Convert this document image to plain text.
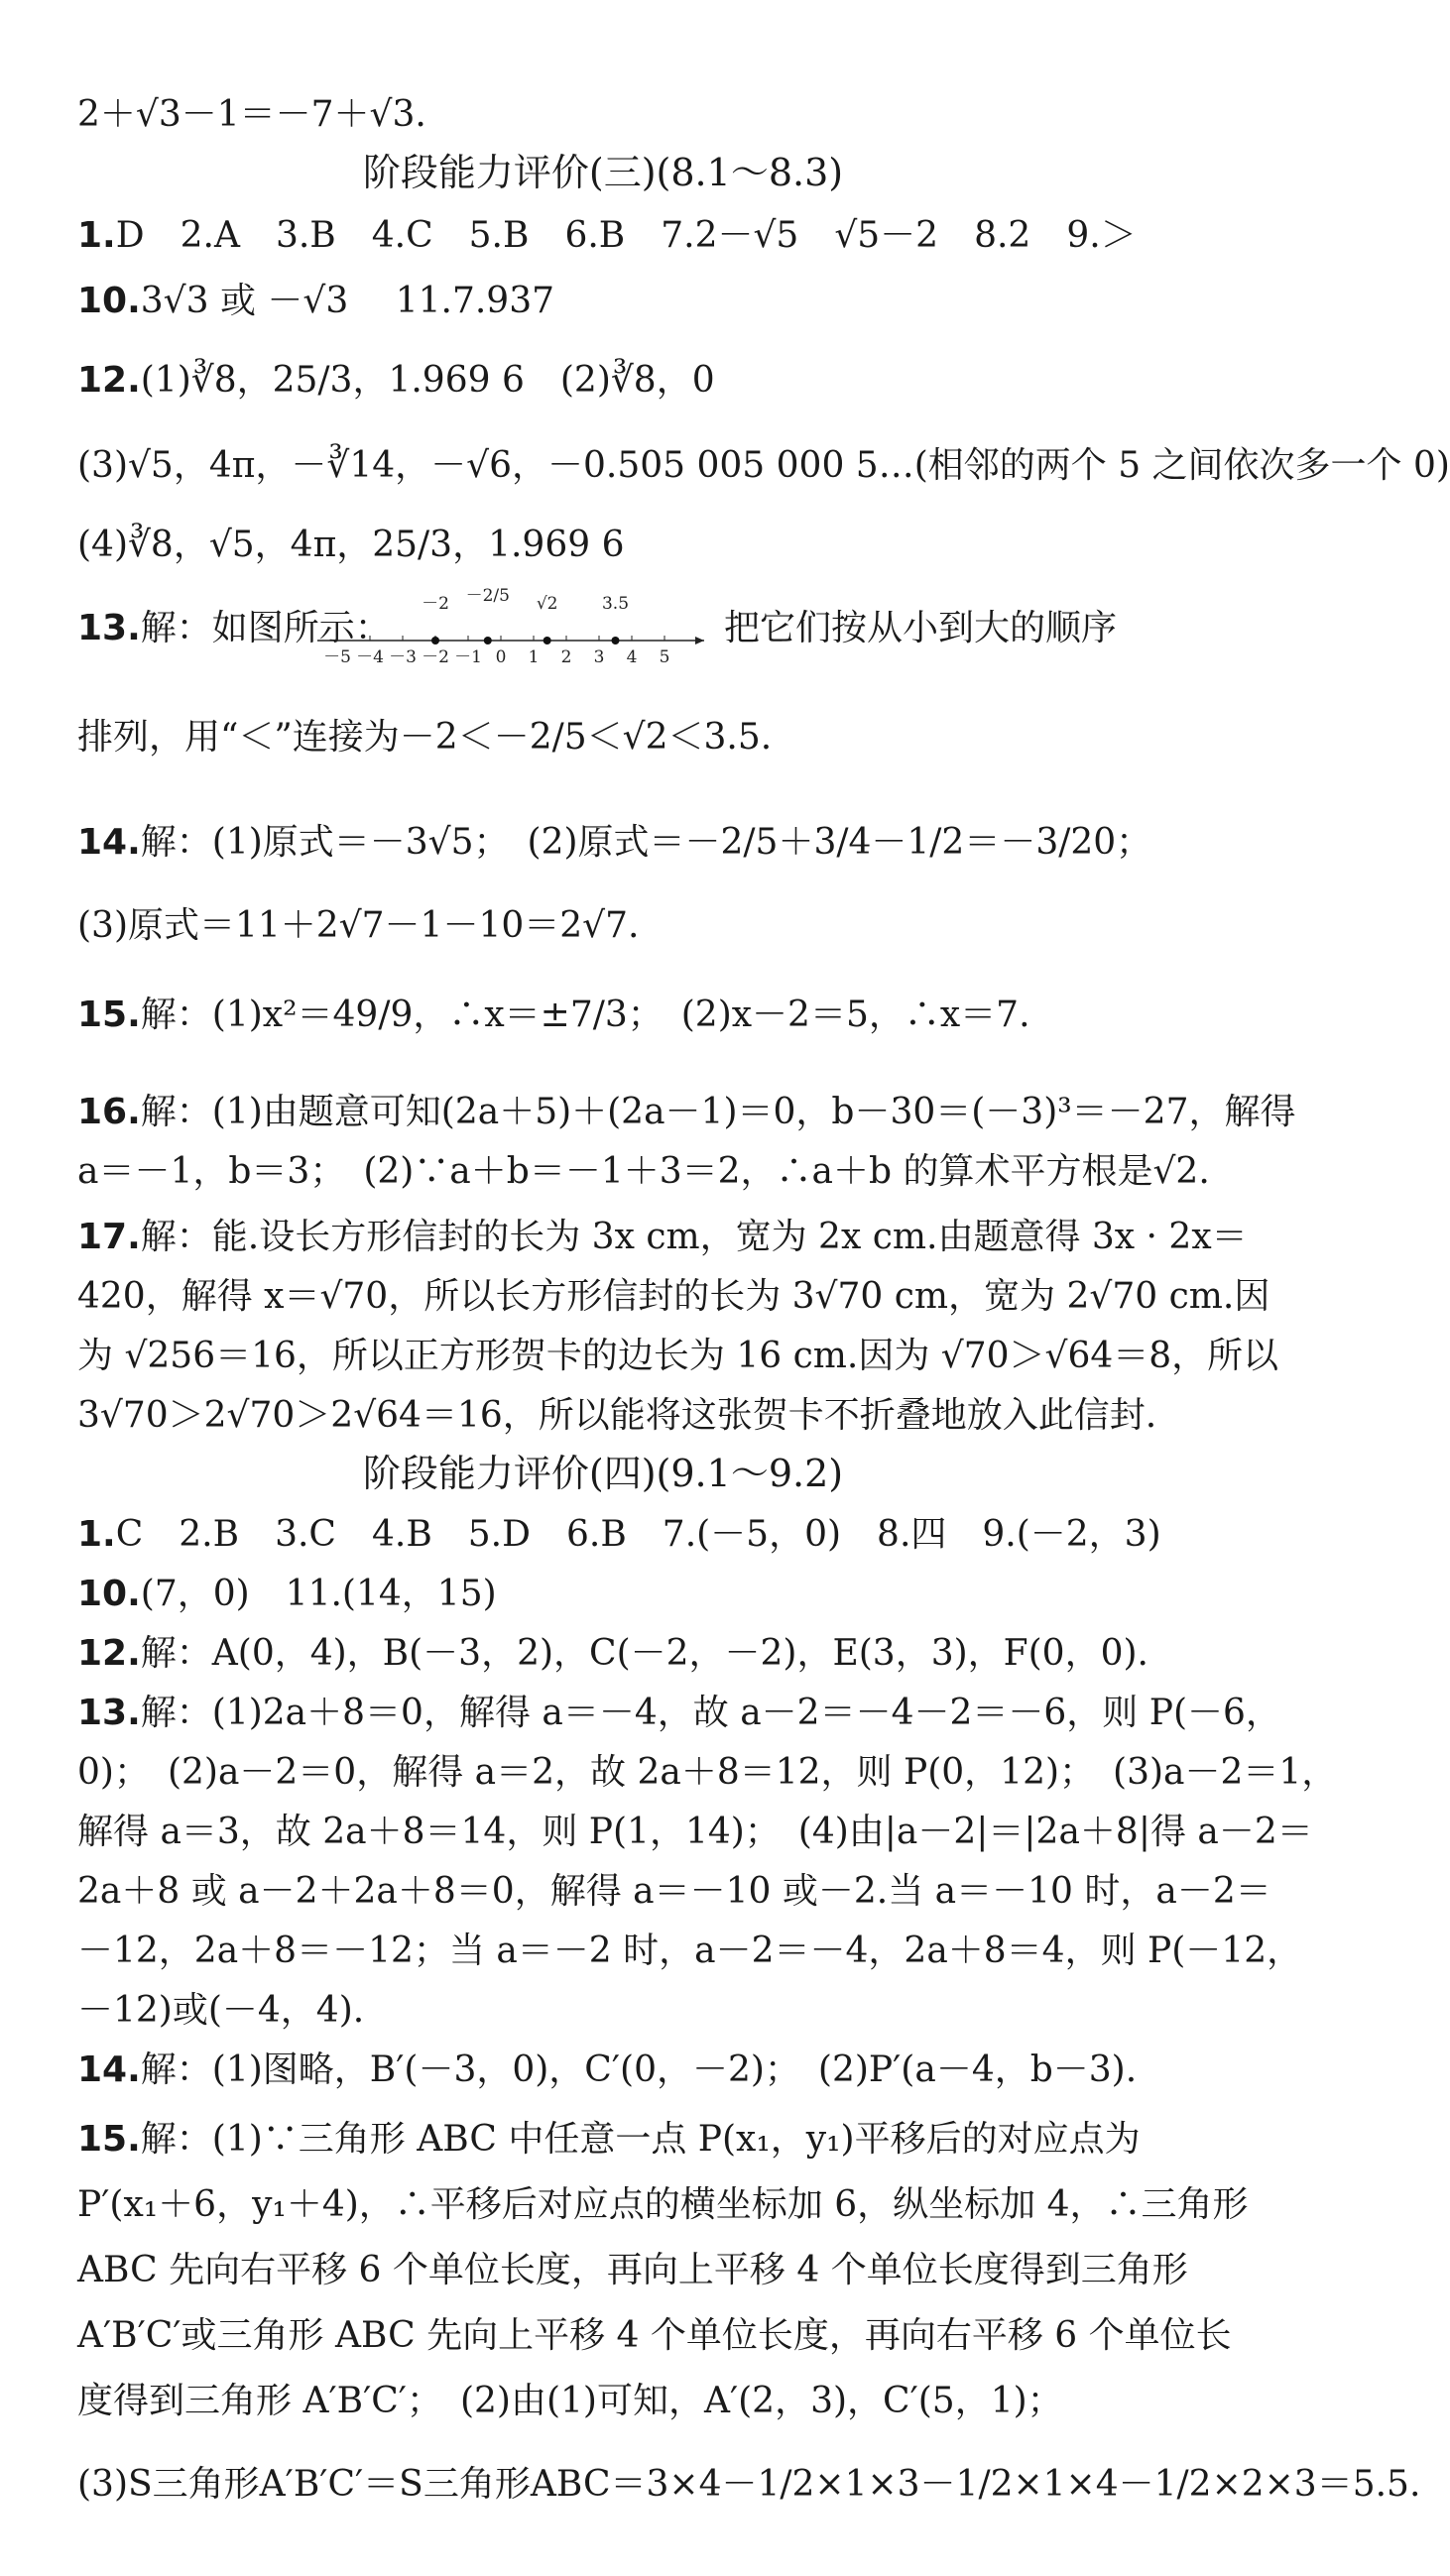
2＋√3－1＝－7＋√3.
阶段能力评价(三)(8.1～8.3)
1.D　2.A　3.B　4.C　5.B　6.B　7.2－√5　√5－2　8.2　9.＞
10.3√3 或 －√3　 11.7.937
12.(1)∛8，25/3，1.969 6　(2)∛8，0
(3)√5，4π，－∛14，－√6，－0.505 005 000 5…(相邻的两个 5 之间依次多一个 0)
(4)∛8，√5，4π，25/3，1.969 6
13.解：如图所示：
－5 －4 －3 －2 －1 0 1 2 3 4 5
－2 －2/5 √2	3.5
把它们按从小到大的顺序
排列，用“＜”连接为－2＜－2/5＜√2＜3.5.
14.解：(1)原式＝－3√5；　(2)原式＝－2/5＋3/4－1/2＝－3/20；
(3)原式＝11＋2√7－1－10＝2√7.
15.解：(1)x²＝49/9，∴x＝±7/3；　(2)x－2＝5，∴x＝7.
16.解：(1)由题意可知(2a＋5)＋(2a－1)＝0，b－30＝(－3)³＝－27，解得
a＝－1，b＝3；　(2)∵a＋b＝－1＋3＝2，∴a＋b 的算术平方根是√2.
17.解：能.设长方形信封的长为 3x cm，宽为 2x cm.由题意得 3x · 2x＝
420，解得 x＝√70，所以长方形信封的长为 3√70 cm，宽为 2√70 cm.因
为 √256＝16，所以正方形贺卡的边长为 16 cm.因为 √70＞√64＝8，所以
3√70＞2√70＞2√64＝16，所以能将这张贺卡不折叠地放入此信封.
阶段能力评价(四)(9.1～9.2)
1.C　2.B　3.C　4.B　5.D　6.B　7.(－5，0)　8.四　9.(－2，3)
10.(7，0)　11.(14，15)
12.解：A(0，4)，B(－3，2)，C(－2，－2)，E(3，3)，F(0，0).
13.解：(1)2a＋8＝0，解得 a＝－4，故 a－2＝－4－2＝－6，则 P(－6，
0)；　(2)a－2＝0，解得 a＝2，故 2a＋8＝12，则 P(0，12)；　(3)a－2＝1，
解得 a＝3，故 2a＋8＝14，则 P(1，14)；　(4)由|a－2|＝|2a＋8|得 a－2＝
2a＋8 或 a－2＋2a＋8＝0，解得 a＝－10 或－2.当 a＝－10 时，a－2＝
－12，2a＋8＝－12；当 a＝－2 时，a－2＝－4，2a＋8＝4，则 P(－12，
－12)或(－4，4).
14.解：(1)图略，B′(－3，0)，C′(0，－2)；　(2)P′(a－4，b－3).
15.解：(1)∵三角形 ABC 中任意一点 P(x₁，y₁)平移后的对应点为
P′(x₁＋6，y₁＋4)，∴平移后对应点的横坐标加 6，纵坐标加 4，∴三角形
ABC 先向右平移 6 个单位长度，再向上平移 4 个单位长度得到三角形
A′B′C′或三角形 ABC 先向上平移 4 个单位长度，再向右平移 6 个单位长
度得到三角形 A′B′C′；　(2)由(1)可知，A′(2，3)，C′(5，1)；
(3)S三角形A′B′C′＝S三角形ABC＝3×4－1/2×1×3－1/2×1×4－1/2×2×3＝5.5.
